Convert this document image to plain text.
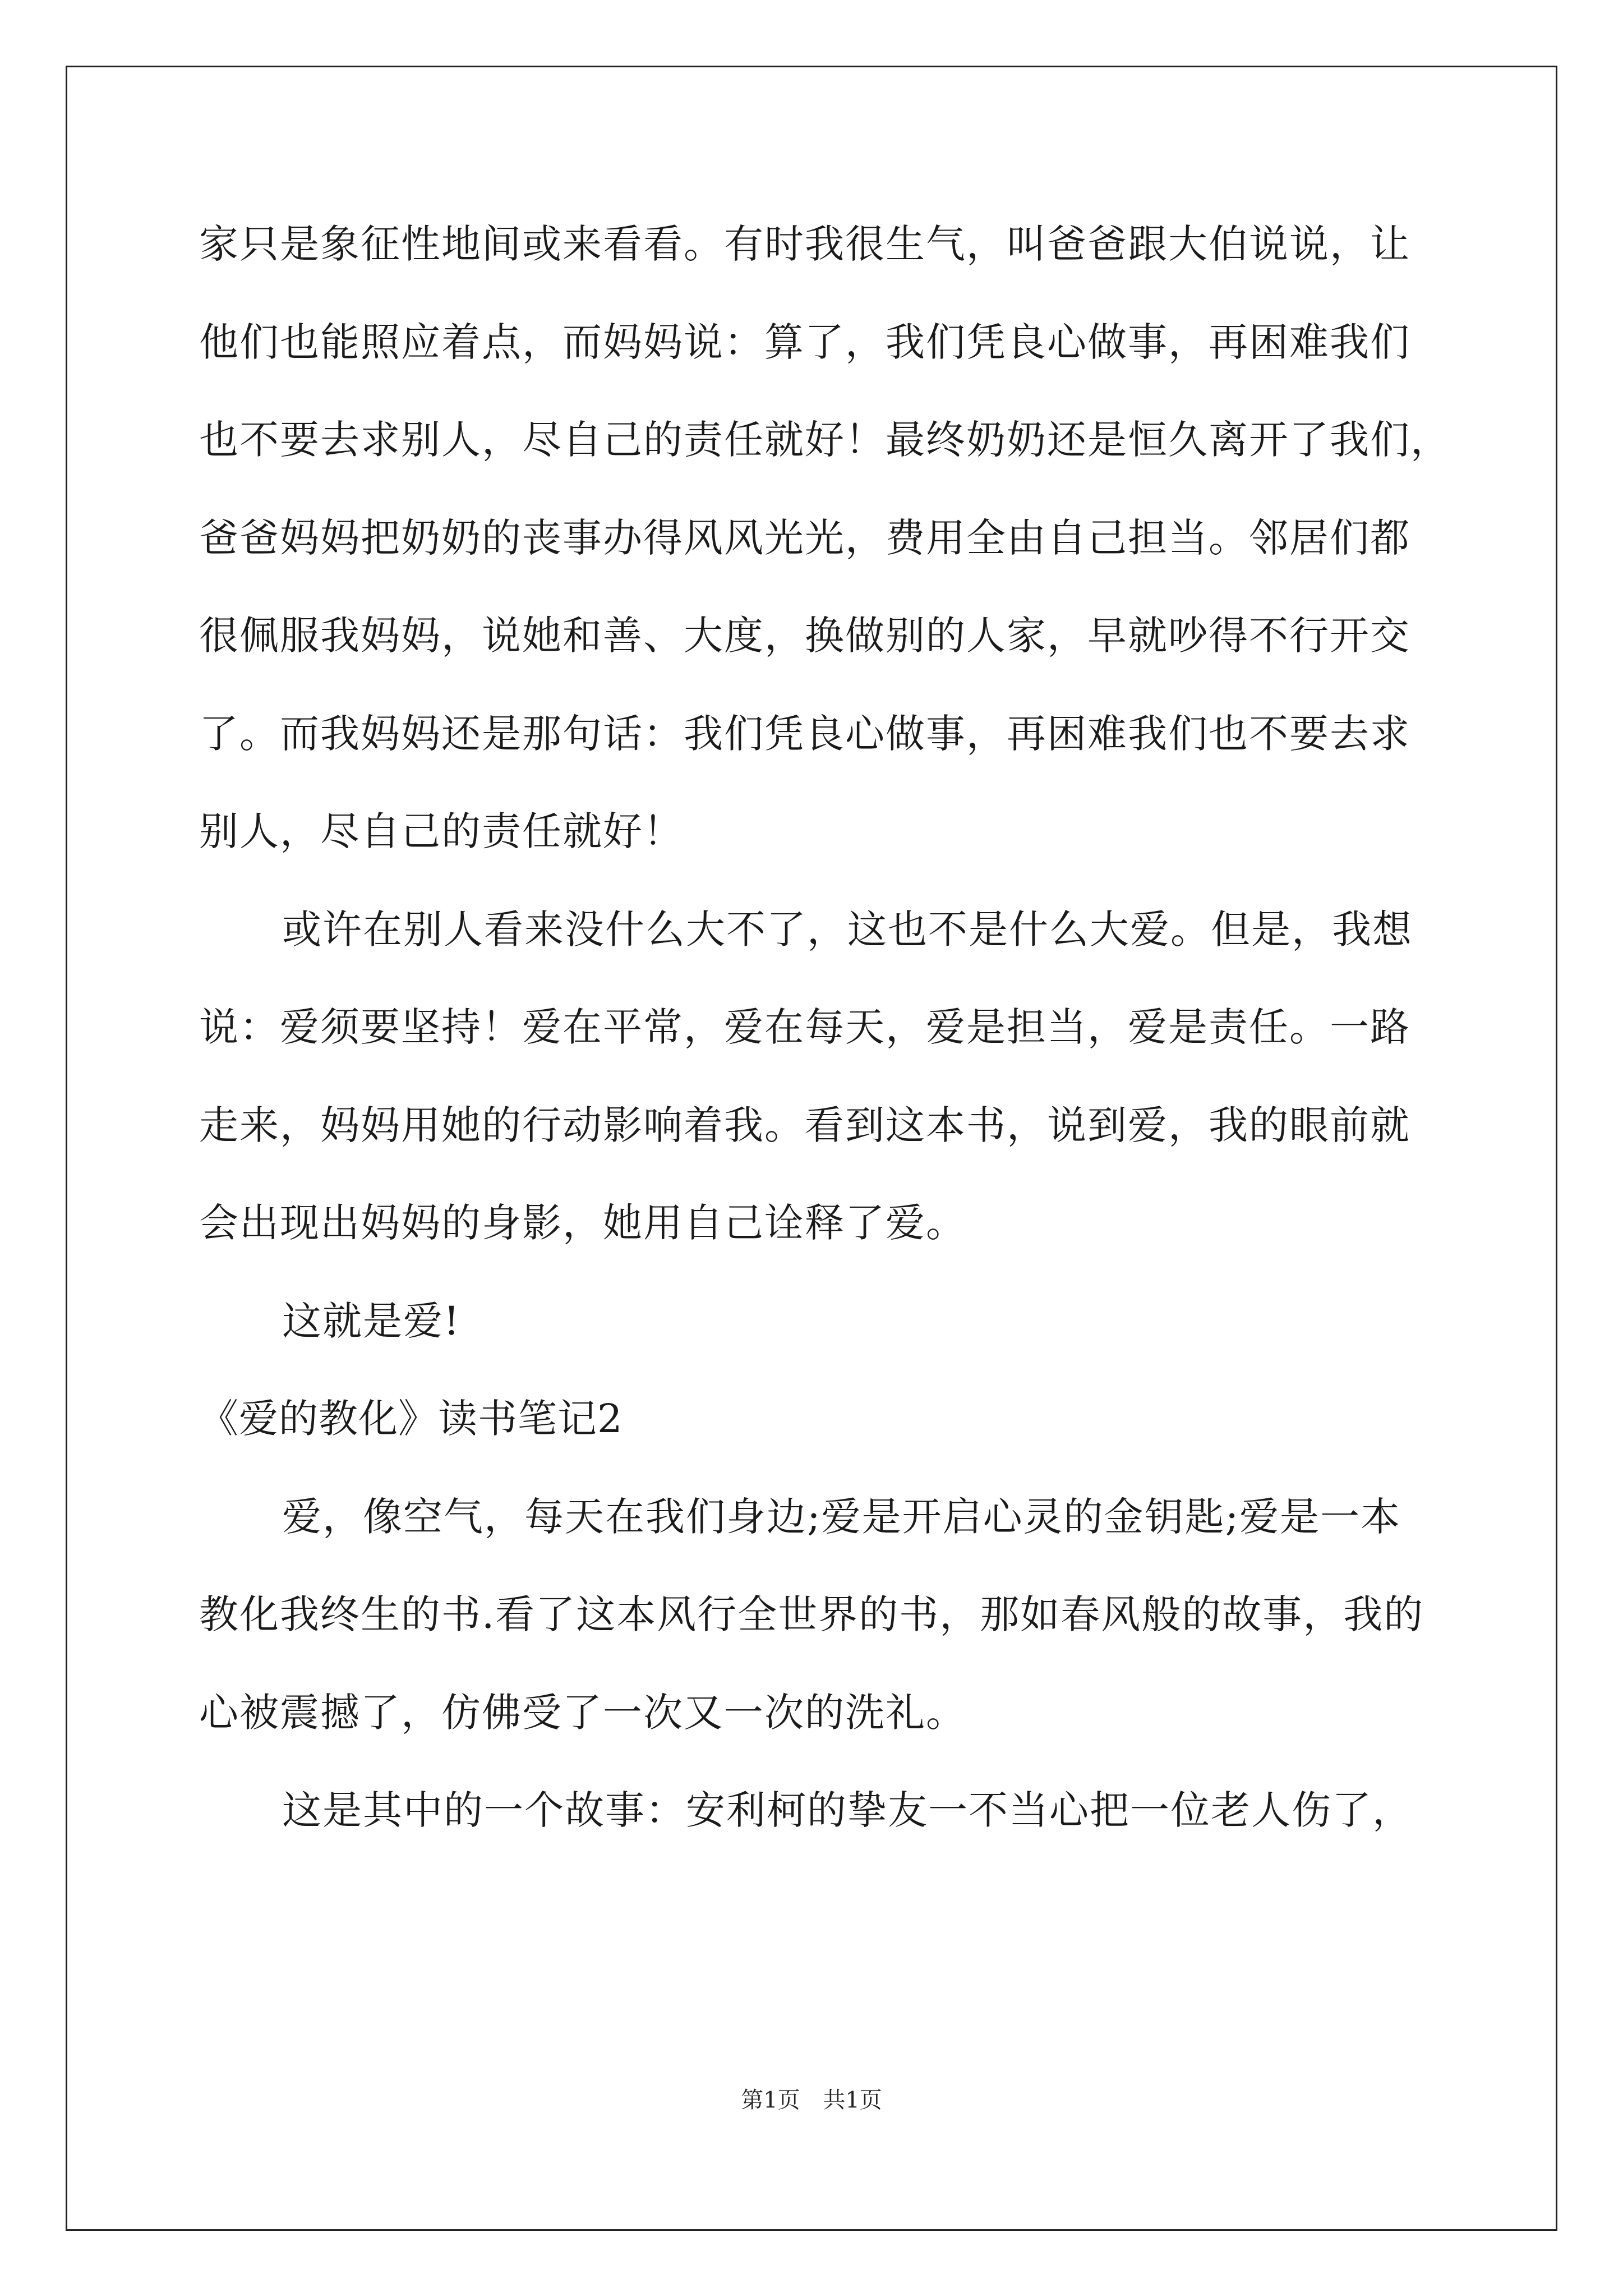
家只是象征性地间或来看看。有时我很生气，叫爸爸跟大伯说说，让
他们也能照应着点，而妈妈说：算了，我们凭良心做事，再困难我们
也不要去求别人，尽自己的责任就好！最终奶奶还是恒久离开了我们，
爸爸妈妈把奶奶的丧事办得风风光光，费用全由自己担当。邻居们都
很佩服我妈妈，说她和善、大度，换做别的人家，早就吵得不行开交
了。而我妈妈还是那句话：我们凭良心做事，再困难我们也不要去求
别人，尽自己的责任就好！
或许在别人看来没什么大不了，这也不是什么大爱。但是，我想
说：爱须要坚持！爱在平常，爱在每天，爱是担当，爱是责任。一路
走来，妈妈用她的行动影响着我。看到这本书，说到爱，我的眼前就
会出现出妈妈的身影，她用自己诠释了爱。
这就是爱!
《爱的教化》读书笔记2
爱，像空气，每天在我们身边;爱是开启心灵的金钥匙;爱是一本
教化我终生的书.看了这本风行全世界的书，那如春风般的故事，我的
心被震撼了，仿佛受了一次又一次的洗礼。
这是其中的一个故事：安利柯的挚友一不当心把一位老人伤了，
第1页 共1页
